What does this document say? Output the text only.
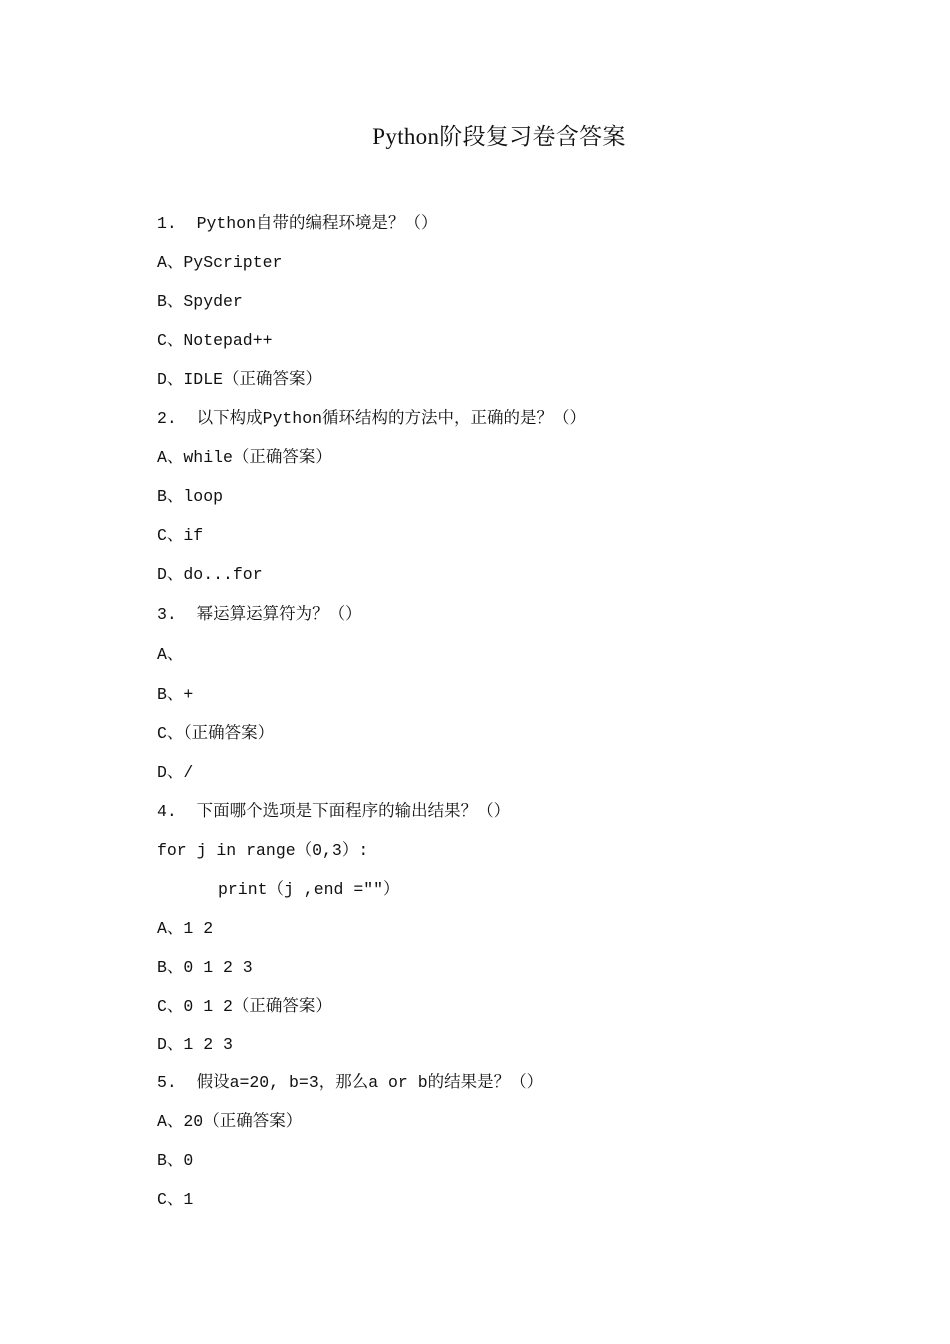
Python阶段复习卷含答案
1.  Python自带的编程环境是？（）
A、PyScripter
B、Spyder
C、Notepad++
D、IDLE（正确答案）
2.  以下构成Python循环结构的方法中，正确的是？（）
A、while（正确答案）
B、loop
C、if
D、do...for
3.  幂运算运算符为？（）
A、
B、+
C、（正确答案）
D、/
4.  下面哪个选项是下面程序的输出结果？（）
for j in range（0,3）:
print（j ,end =""）
A、1 2
B、0 1 2 3
C、0 1 2（正确答案）
D、1 2 3
5.  假设a=20, b=3，那么a or b的结果是？（）
A、20（正确答案）
B、0
C、1
